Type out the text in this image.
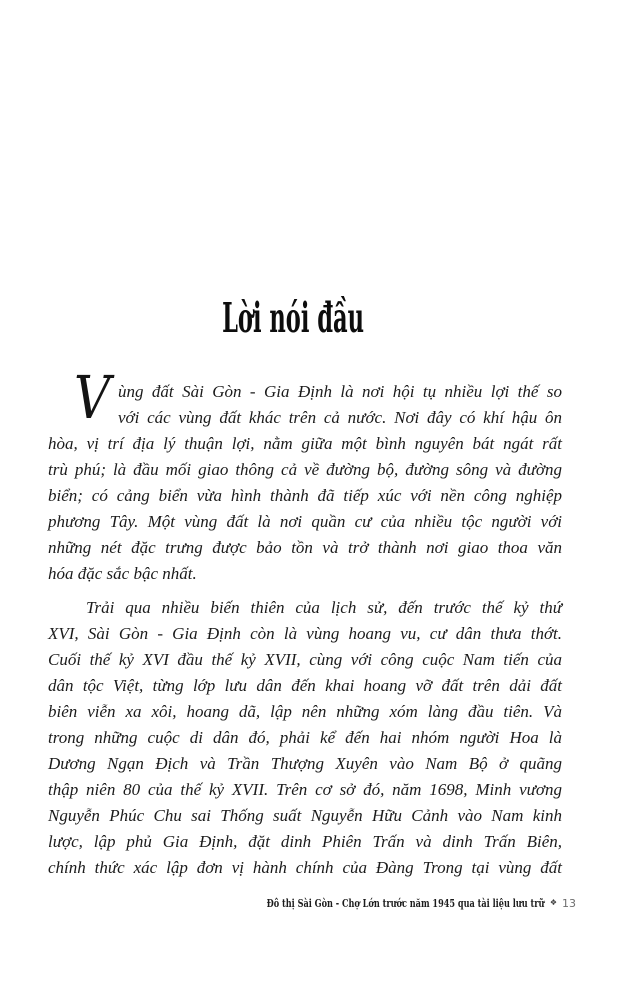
Lời nói đầu
V ùng đất Sài Gòn - Gia Định là nơi hội tụ nhiều lợi thế so
với các vùng đất khác trên cả nước. Nơi đây có khí hậu ôn
hòa, vị trí địa lý thuận lợi, nằm giữa một bình nguyên bát ngát rất
trù phú; là đầu mối giao thông cả về đường bộ, đường sông và đường
biển; có cảng biển vừa hình thành đã tiếp xúc với nền công nghiệp
phương Tây. Một vùng đất là nơi quần cư của nhiều tộc người với
những nét đặc trưng được bảo tồn và trở thành nơi giao thoa văn
hóa đặc sắc bậc nhất.
Trải qua nhiều biến thiên của lịch sử, đến trước thế kỷ thứ
XVI, Sài Gòn - Gia Định còn là vùng hoang vu, cư dân thưa thớt.
Cuối thế kỷ XVI đầu thế kỷ XVII, cùng với công cuộc Nam tiến của
dân tộc Việt, từng lớp lưu dân đến khai hoang vỡ đất trên dải đất
biên viễn xa xôi, hoang dã, lập nên những xóm làng đầu tiên. Và
trong những cuộc di dân đó, phải kể đến hai nhóm người Hoa là
Dương Ngạn Địch và Trần Thượng Xuyên vào Nam Bộ ở quãng
thập niên 80 của thế kỷ XVII. Trên cơ sở đó, năm 1698, Minh vương
Nguyễn Phúc Chu sai Thống suất Nguyễn Hữu Cảnh vào Nam kinh
lược, lập phủ Gia Định, đặt dinh Phiên Trấn và dinh Trấn Biên,
chính thức xác lập đơn vị hành chính của Đàng Trong tại vùng đất
Đô thị Sài Gòn - Chợ Lớn trước năm 1945 qua tài liệu lưu trữ ❖ 13
